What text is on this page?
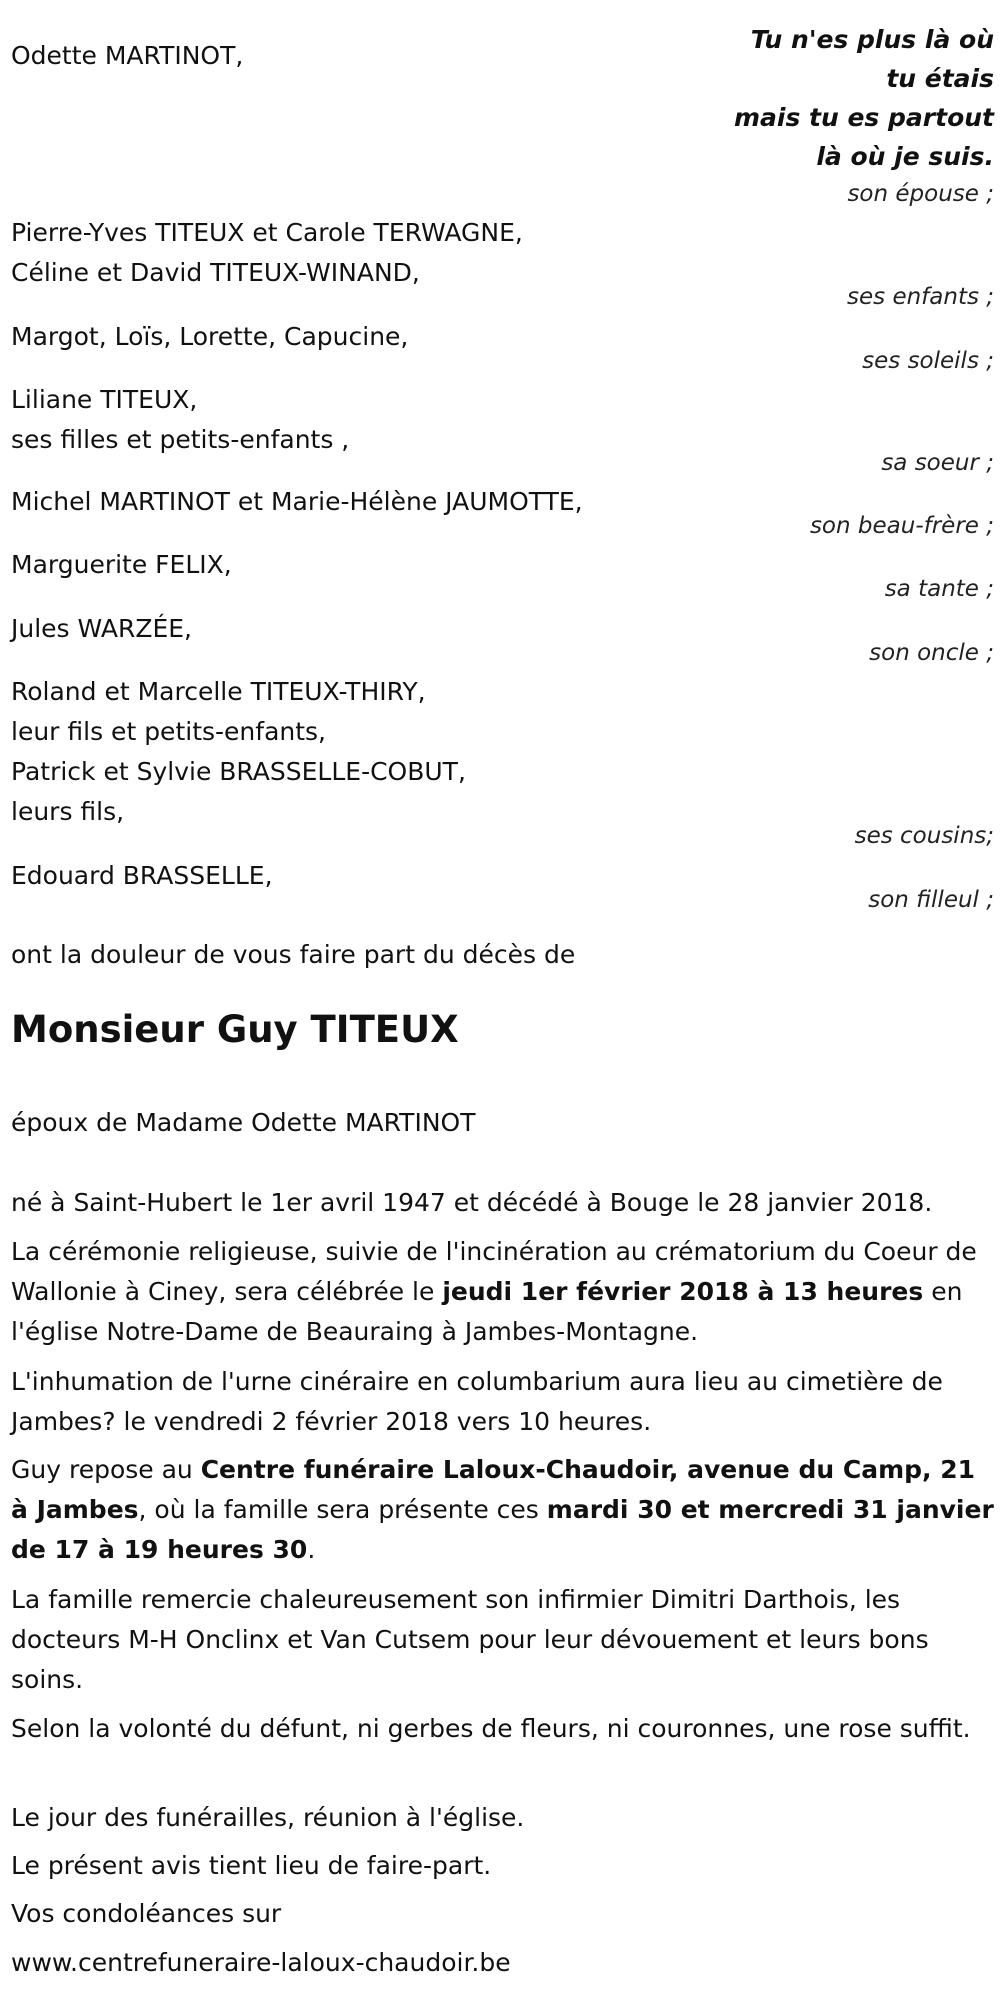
Tu n'es plus là où
tu étais
mais tu es partout
là où je suis.
Odette MARTINOT,
son épouse ;
Pierre-Yves TITEUX et Carole TERWAGNE,
Céline et David TITEUX-WINAND,
ses enfants ;
Margot, Loïs, Lorette, Capucine,
ses soleils ;
Liliane TITEUX,
ses filles et petits-enfants ,
sa soeur ;
Michel MARTINOT et Marie-Hélène JAUMOTTE,
son beau-frère ;
Marguerite FELIX,
sa tante ;
Jules WARZÉE,
son oncle ;
Roland et Marcelle TITEUX-THIRY,
leur fils et petits-enfants,
Patrick et Sylvie BRASSELLE-COBUT,
leurs fils,
ses cousins;
Edouard BRASSELLE,
son filleul ;
ont la douleur de vous faire part du décès de
Monsieur Guy TITEUX
époux de Madame Odette MARTINOT
né à Saint-Hubert le 1er avril 1947 et décédé à Bouge le 28 janvier 2018.
La cérémonie religieuse, suivie de l'incinération au crématorium du Coeur de Wallonie à Ciney, sera célébrée le jeudi 1er février 2018 à 13 heures en l'église Notre-Dame de Beauraing à Jambes-Montagne.
L'inhumation de l'urne cinéraire en columbarium aura lieu au cimetière de Jambes? le vendredi 2 février 2018 vers 10 heures.
Guy repose au Centre funéraire Laloux-Chaudoir, avenue du Camp, 21 à Jambes, où la famille sera présente ces mardi 30 et mercredi 31 janvier de 17 à 19 heures 30.
La famille remercie chaleureusement son infirmier Dimitri Darthois, les docteurs M-H Onclinx et Van Cutsem pour leur dévouement et leurs bons soins.
Selon la volonté du défunt, ni gerbes de fleurs, ni couronnes, une rose suffit.
Le jour des funérailles, réunion à l'église.
Le présent avis tient lieu de faire-part.
Vos condoléances sur
www.centrefuneraire-laloux-chaudoir.be
